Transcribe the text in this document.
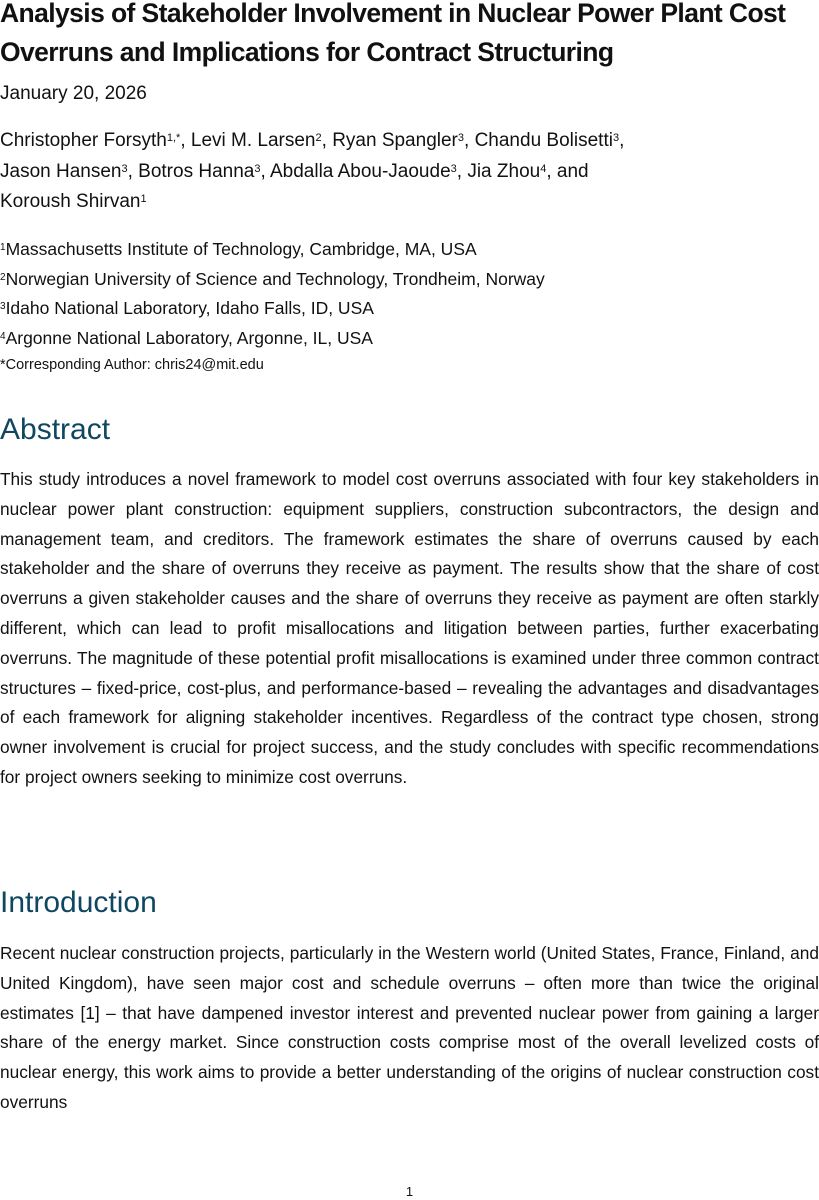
Analysis of Stakeholder Involvement in Nuclear Power Plant Cost Overruns and Implications for Contract Structuring
January 20, 2026
Christopher Forsyth$^{1,*}$, Levi M. Larsen$^2$, Ryan Spangler$^3$, Chandu Bolisetti$^3$,
Jason Hansen$^3$, Botros Hanna$^3$, Abdalla Abou-Jaoude$^3$, Jia Zhou$^4$, and
Koroush Shirvan$^1$
$^1$Massachusetts Institute of Technology, Cambridge, MA, USA
$^2$Norwegian University of Science and Technology, Trondheim, Norway
$^3$Idaho National Laboratory, Idaho Falls, ID, USA
$^4$Argonne National Laboratory, Argonne, IL, USA
*Corresponding Author: chris24@mit.edu
Abstract

This study introduces a novel framework to model cost overruns associated with four key stakeholders in nuclear power plant construction: equipment suppliers, construction subcontractors, the design and management team, and creditors. The framework estimates the share of overruns caused by each stakeholder and the share of overruns they receive as payment. The results show that the share of cost overruns a given stakeholder causes and the share of overruns they receive as payment are often starkly different, which can lead to profit misallocations and litigation between parties, further exacerbating overruns. The magnitude of these potential profit misallocations is examined under three common contract structures – fixed-price, cost-plus, and performance-based – revealing the advantages and disadvantages of each framework for aligning stakeholder incentives. Regardless of the contract type chosen, strong owner involvement is crucial for project success, and the study concludes with specific recommendations for project owners seeking to minimize cost overruns.

Introduction

Recent nuclear construction projects, particularly in the Western world (United States, France, Finland, and United Kingdom), have seen major cost and schedule overruns – often more than twice the original estimates [1] – that have dampened investor interest and prevented nuclear power from gaining a larger share of the energy market. Since construction costs comprise most of the overall levelized costs of nuclear energy, this work aims to provide a better understanding of the origins of nuclear construction cost overruns

1
